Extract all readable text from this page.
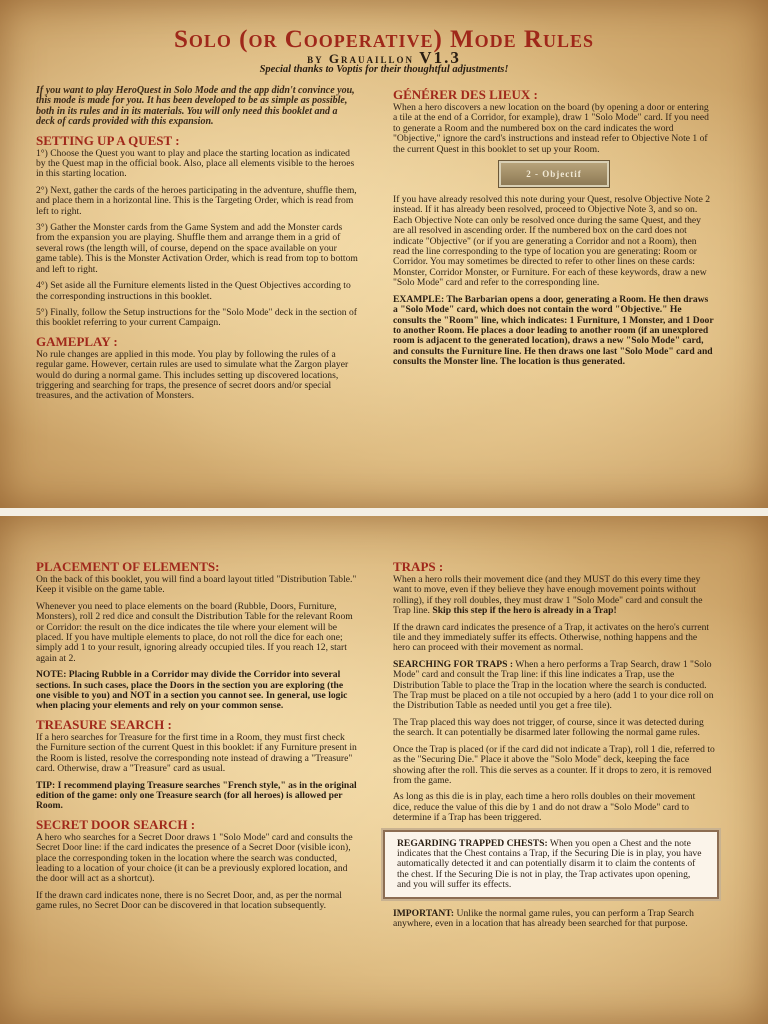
Solo (or Cooperative) Mode Rules
by Grauaillon V1.3
Special thanks to Voptis for their thoughtful adjustments!

If you want to play HeroQuest in Solo Mode and the app didn't convince you, this mode is made for you. It has been developed to be as simple as possible, both in its rules and in its materials. You will only need this booklet and a deck of cards provided with this expansion.

SETTING UP A QUEST :

1°) Choose the Quest you want to play and place the starting location as indicated by the Quest map in the official book. Also, place all elements visible to the heroes in this starting location.

2°) Next, gather the cards of the heroes participating in the adventure, shuffle them, and place them in a horizontal line. This is the Targeting Order, which is read from left to right.

3°) Gather the Monster cards from the Game System and add the Monster cards from the expansion you are playing. Shuffle them and arrange them in a grid of several rows (the length will, of course, depend on the space available on your game table). This is the Monster Activation Order, which is read from top to bottom and left to right.

4°) Set aside all the Furniture elements listed in the Quest Objectives according to the corresponding instructions in this booklet.

5°) Finally, follow the Setup instructions for the "Solo Mode" deck in the section of this booklet referring to your current Campaign.

GAMEPLAY :

No rule changes are applied in this mode. You play by following the rules of a regular game. However, certain rules are used to simulate what the Zargon player would do during a normal game. This includes setting up discovered locations, triggering and searching for traps, the presence of secret doors and/or special treasures, and the activation of Monsters.

GÉNÉRER DES LIEUX :

When a hero discovers a new location on the board (by opening a door or entering a tile at the end of a Corridor, for example), draw 1 "Solo Mode" card. If you need to generate a Room and the numbered box on the card indicates the word "Objective," ignore the card's instructions and instead refer to Objective Note 1 of the current Quest in this booklet to set up your Room.

2 - Objectif

If you have already resolved this note during your Quest, resolve Objective Note 2 instead. If it has already been resolved, proceed to Objective Note 3, and so on. Each Objective Note can only be resolved once during the same Quest, and they are all resolved in ascending order. If the numbered box on the card does not indicate "Objective" (or if you are generating a Corridor and not a Room), then read the line corresponding to the type of location you are generating: Room or Corridor. You may sometimes be directed to refer to other lines on these cards: Monster, Corridor Monster, or Furniture. For each of these keywords, draw a new "Solo Mode" card and refer to the corresponding line.

EXAMPLE: The Barbarian opens a door, generating a Room. He then draws a "Solo Mode" card, which does not contain the word "Objective." He consults the "Room" line, which indicates: 1 Furniture, 1 Monster, and 1 Door to another Room. He places a door leading to another room (if an unexplored room is adjacent to the generated location), draws a new "Solo Mode" card, and consults the Furniture line. He then draws one last "Solo Mode" card and consults the Monster line. The location is thus generated.

PLACEMENT OF ELEMENTS:

On the back of this booklet, you will find a board layout titled "Distribution Table." Keep it visible on the game table.

Whenever you need to place elements on the board (Rubble, Doors, Furniture, Monsters), roll 2 red dice and consult the Distribution Table for the relevant Room or Corridor: the result on the dice indicates the tile where your element will be placed. If you have multiple elements to place, do not roll the dice for each one; simply add 1 to your result, ignoring already occupied tiles. If you reach 12, start again at 2.

NOTE: Placing Rubble in a Corridor may divide the Corridor into several sections. In such cases, place the Doors in the section you are exploring (the one visible to you) and NOT in a section you cannot see. In general, use logic when placing your elements and rely on your common sense.

TREASURE SEARCH :

If a hero searches for Treasure for the first time in a Room, they must first check the Furniture section of the current Quest in this booklet: if any Furniture present in the Room is listed, resolve the corresponding note instead of drawing a "Treasure" card. Otherwise, draw a "Treasure" card as usual.

TIP: I recommend playing Treasure searches "French style," as in the original edition of the game: only one Treasure search (for all heroes) is allowed per Room.

SECRET DOOR SEARCH :

A hero who searches for a Secret Door draws 1 "Solo Mode" card and consults the Secret Door line: if the card indicates the presence of a Secret Door (visible icon), place the corresponding token in the location where the search was conducted, leading to a location of your choice (it can be a previously explored location, and the door will act as a shortcut).

If the drawn card indicates none, there is no Secret Door, and, as per the normal game rules, no Secret Door can be discovered in that location subsequently.

TRAPS :

When a hero rolls their movement dice (and they MUST do this every time they want to move, even if they believe they have enough movement points without rolling), if they roll doubles, they must draw 1 "Solo Mode" card and consult the Trap line. Skip this step if the hero is already in a Trap!

If the drawn card indicates the presence of a Trap, it activates on the hero's current tile and they immediately suffer its effects. Otherwise, nothing happens and the hero can proceed with their movement as normal.

SEARCHING FOR TRAPS : When a hero performs a Trap Search, draw 1 "Solo Mode" card and consult the Trap line: if this line indicates a Trap, use the Distribution Table to place the Trap in the location where the search is conducted. The Trap must be placed on a tile not occupied by a hero (add 1 to your dice roll on the Distribution Table as needed until you get a free tile).

The Trap placed this way does not trigger, of course, since it was detected during the search. It can potentially be disarmed later following the normal game rules.

Once the Trap is placed (or if the card did not indicate a Trap), roll 1 die, referred to as the "Securing Die." Place it above the "Solo Mode" deck, keeping the face showing after the roll. This die serves as a counter. If it drops to zero, it is removed from the game.

As long as this die is in play, each time a hero rolls doubles on their movement dice, reduce the value of this die by 1 and do not draw a "Solo Mode" card to determine if a Trap has been triggered.

REGARDING TRAPPED CHESTS: When you open a Chest and the note indicates that the Chest contains a Trap, if the Securing Die is in play, you have automatically detected it and can potentially disarm it to claim the contents of the chest. If the Securing Die is not in play, the Trap activates upon opening, and you will suffer its effects.

IMPORTANT: Unlike the normal game rules, you can perform a Trap Search anywhere, even in a location that has already been searched for that purpose.
